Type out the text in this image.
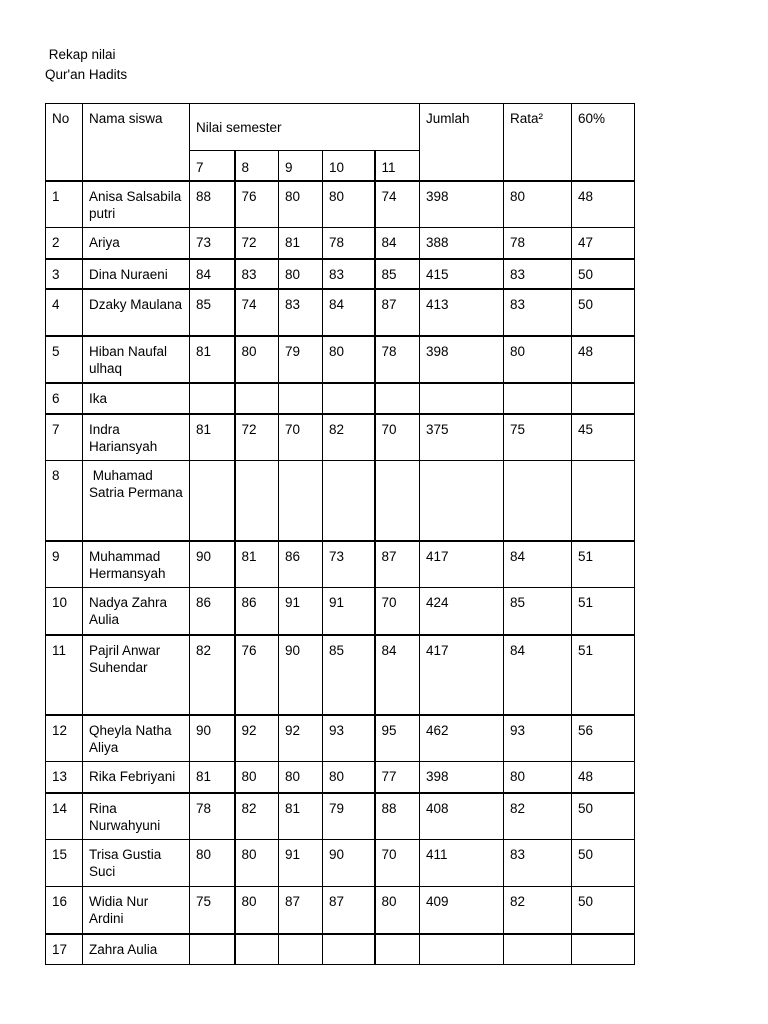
Rekap nilai
Qur'an Hadits
No	Nama siswa	Nilai semester					Jumlah	Rata²	60%
		7	8	9	10	11			
1	Anisa Salsabila putri	88	76	80	80	74	398	80	48
2	Ariya	73	72	81	78	84	388	78	47
3	Dina Nuraeni	84	83	80	83	85	415	83	50
4	Dzaky Maulana	85	74	83	84	87	413	83	50
5	Hiban Naufal ulhaq	81	80	79	80	78	398	80	48
6	Ika								
7	Indra Hariansyah	81	72	70	82	70	375	75	45
8	Muhamad Satria Permana								
9	Muhammad Hermansyah	90	81	86	73	87	417	84	51
10	Nadya Zahra Aulia	86	86	91	91	70	424	85	51
11	Pajril Anwar Suhendar	82	76	90	85	84	417	84	51
12	Qheyla Natha Aliya	90	92	92	93	95	462	93	56
13	Rika Febriyani	81	80	80	80	77	398	80	48
14	Rina Nurwahyuni	78	82	81	79	88	408	82	50
15	Trisa Gustia Suci	80	80	91	90	70	411	83	50
16	Widia Nur Ardini	75	80	87	87	80	409	82	50
17	Zahra Aulia								
